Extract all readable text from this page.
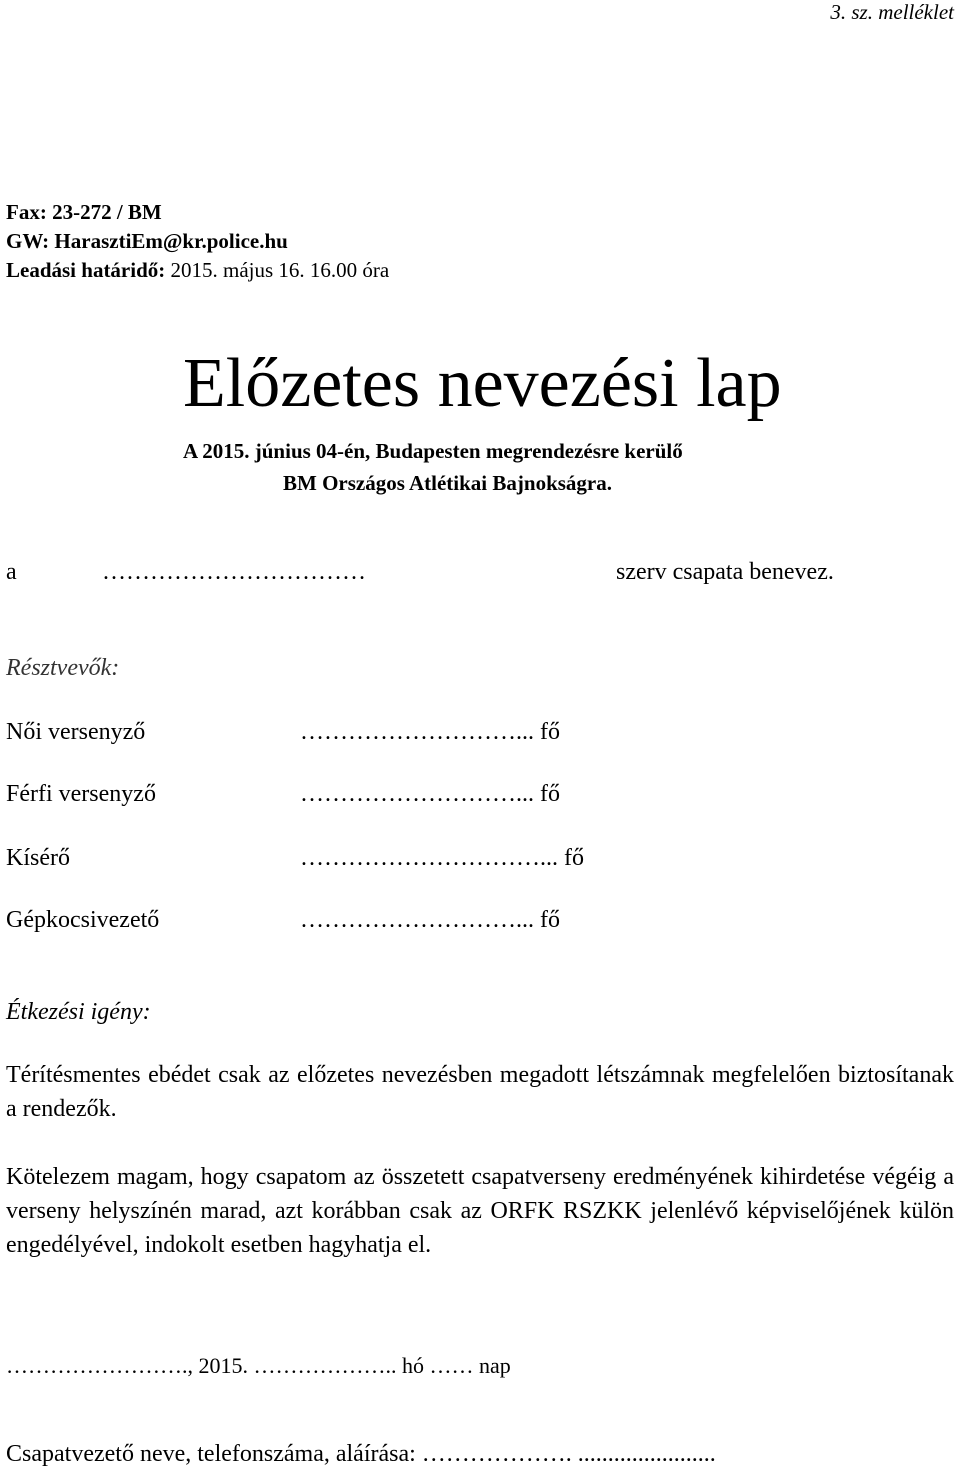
3. sz. melléklet
Fax: 23-272 / BM
GW: HarasztiEm@kr.police.hu
Leadási határidő: 2015. május 16. 16.00 óra
Előzetes nevezési lap
A 2015. június 04-én, Budapesten megrendezésre kerülő
BM Országos Atlétikai Bajnokságra.
a	……………………………	szerv csapata benevez.
Résztvevők:
Női versenyző	………………………... fő
Férfi versenyző	………………………... fő
Kísérő	…………………………... fő
Gépkocsivezető	………………………... fő
Étkezési igény:
Térítésmentes ebédet csak az előzetes nevezésben megadott létszámnak megfelelően biztosítanak a rendezők.
Kötelezem magam, hogy csapatom az összetett csapatverseny eredményének kihirdetése végéig a verseny helyszínén marad, azt korábban csak az ORFK RSZKK jelenlévő képviselőjének külön engedélyével, indokolt esetben hagyhatja el.
……………………., 2015. ……………….. hó …… nap
Csapatvezető neve, telefonszáma, aláírása: ………………. .......................
